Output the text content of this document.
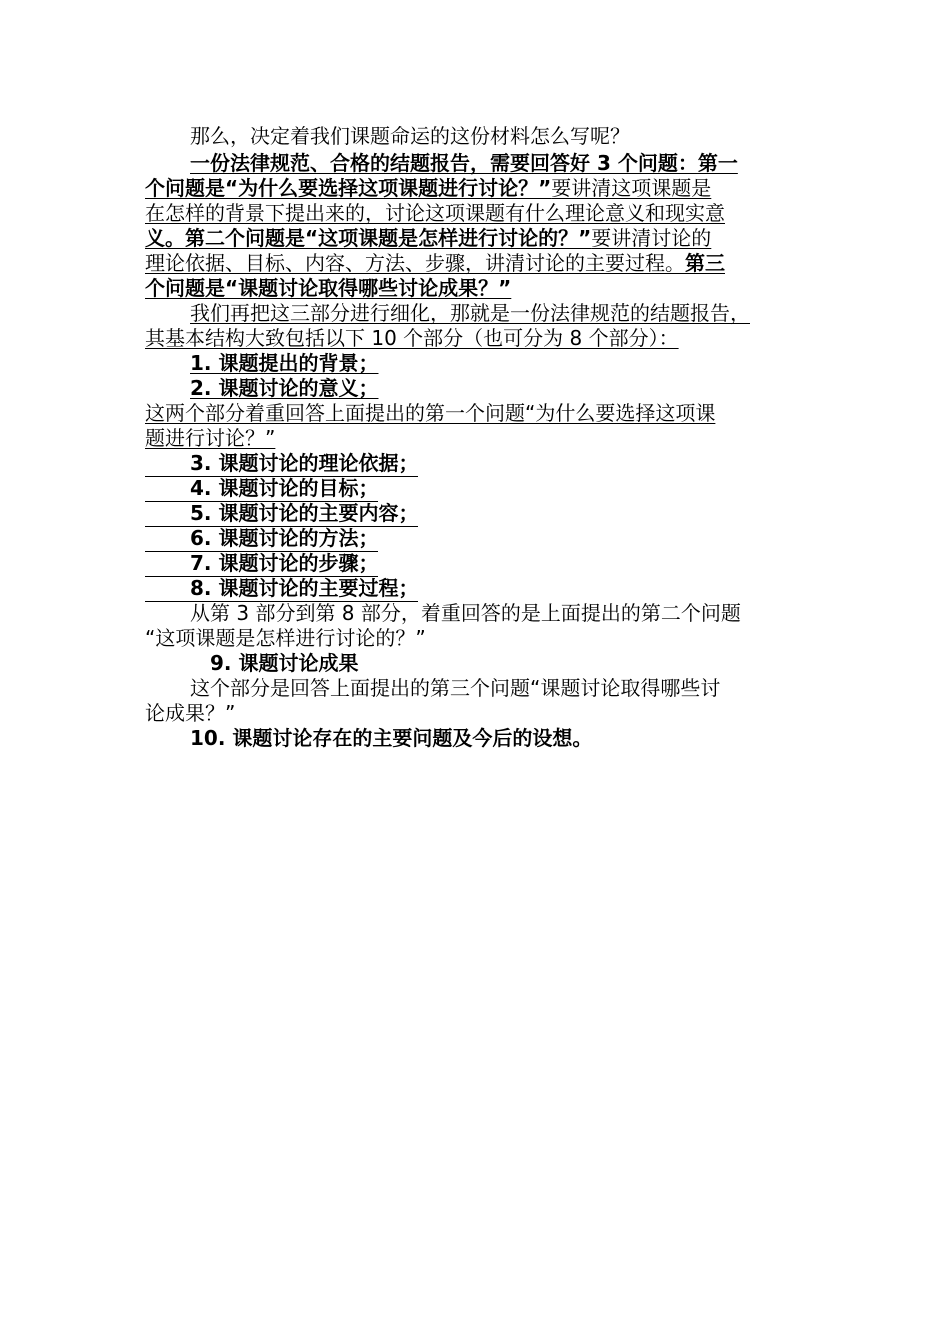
那么，决定着我们课题命运的这份材料怎么写呢？

一份法律规范、合格的结题报告，需要回答好 3 个问题：第一

个问题是“为什么要选择这项课题进行讨论？”要讲清这项课题是

在怎样的背景下提出来的，讨论这项课题有什么理论意义和现实意

义。第二个问题是“这项课题是怎样进行讨论的？”要讲清讨论的

理论依据、目标、内容、方法、步骤，讲清讨论的主要过程。第三

个问题是“课题讨论取得哪些讨论成果？”

我们再把这三部分进行细化，那就是一份法律规范的结题报告，

其基本结构大致包括以下 10 个部分（也可分为 8 个部分）：

1. 课题提出的背景；

2. 课题讨论的意义；

这两个部分着重回答上面提出的第一个问题“为什么要选择这项课

题进行讨论？”

3. 课题讨论的理论依据；

4. 课题讨论的目标；

5. 课题讨论的主要内容；

6. 课题讨论的方法；

7. 课题讨论的步骤；

8. 课题讨论的主要过程；

从第 3 部分到第 8 部分，着重回答的是上面提出的第二个问题

“这项课题是怎样进行讨论的？”

9. 课题讨论成果

这个部分是回答上面提出的第三个问题“课题讨论取得哪些讨

论成果？”

10. 课题讨论存在的主要问题及今后的设想。
